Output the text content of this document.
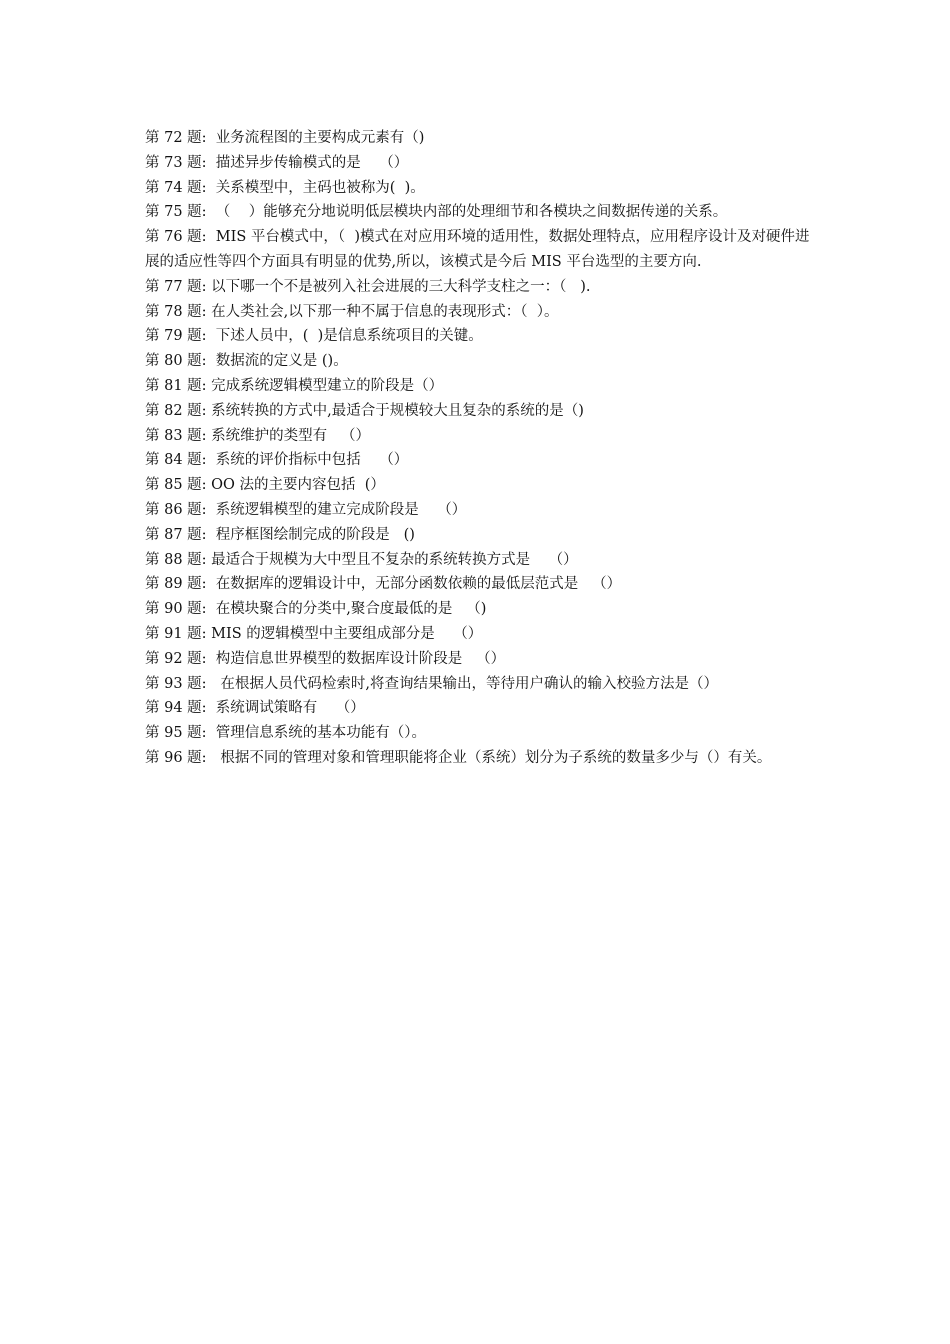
第 72 题:  业务流程图的主要构成元素有（)

第 73 题:  描述异步传输模式的是    （）

第 74 题:  关系模型中，主码也被称为(  )。

第 75 题:  （    ）能够充分地说明低层模块内部的处理细节和各模块之间数据传递的关系。

第 76 题:  MIS 平台模式中，（  )模式在对应用环境的适用性，数据处理特点，应用程序设计及对硬件进展的适应性等四个方面具有明显的优势,所以，该模式是今后 MIS 平台选型的主要方向.

第 77 题: 以下哪一个不是被列入社会进展的三大科学支柱之一：（   ).

第 78 题: 在人类社会,以下那一种不属于信息的表现形式：（  ）。

第 79 题:  下述人员中，(  )是信息系统项目的关键。

第 80 题:  数据流的定义是 ()。

第 81 题: 完成系统逻辑模型建立的阶段是（）

第 82 题: 系统转换的方式中,最适合于规模较大且复杂的系统的是（)

第 83 题: 系统维护的类型有   （）

第 84 题:  系统的评价指标中包括    （）

第 85 题: OO 法的主要内容包括  (）

第 86 题:  系统逻辑模型的建立完成阶段是    （）

第 87 题:  程序框图绘制完成的阶段是   ()

第 88 题: 最适合于规模为大中型且不复杂的系统转换方式是    （）

第 89 题:  在数据库的逻辑设计中，无部分函数依赖的最低层范式是   （）

第 90 题:  在模块聚合的分类中,聚合度最低的是   （)

第 91 题: MIS 的逻辑模型中主要组成部分是    （）

第 92 题:  构造信息世界模型的数据库设计阶段是   （）

第 93 题:   在根据人员代码检索时,将查询结果输出，等待用户确认的输入校验方法是（）

第 94 题:  系统调试策略有    （）

第 95 题:  管理信息系统的基本功能有（）。

第 96 题:   根据不同的管理对象和管理职能将企业（系统）划分为子系统的数量多少与（）有关。
